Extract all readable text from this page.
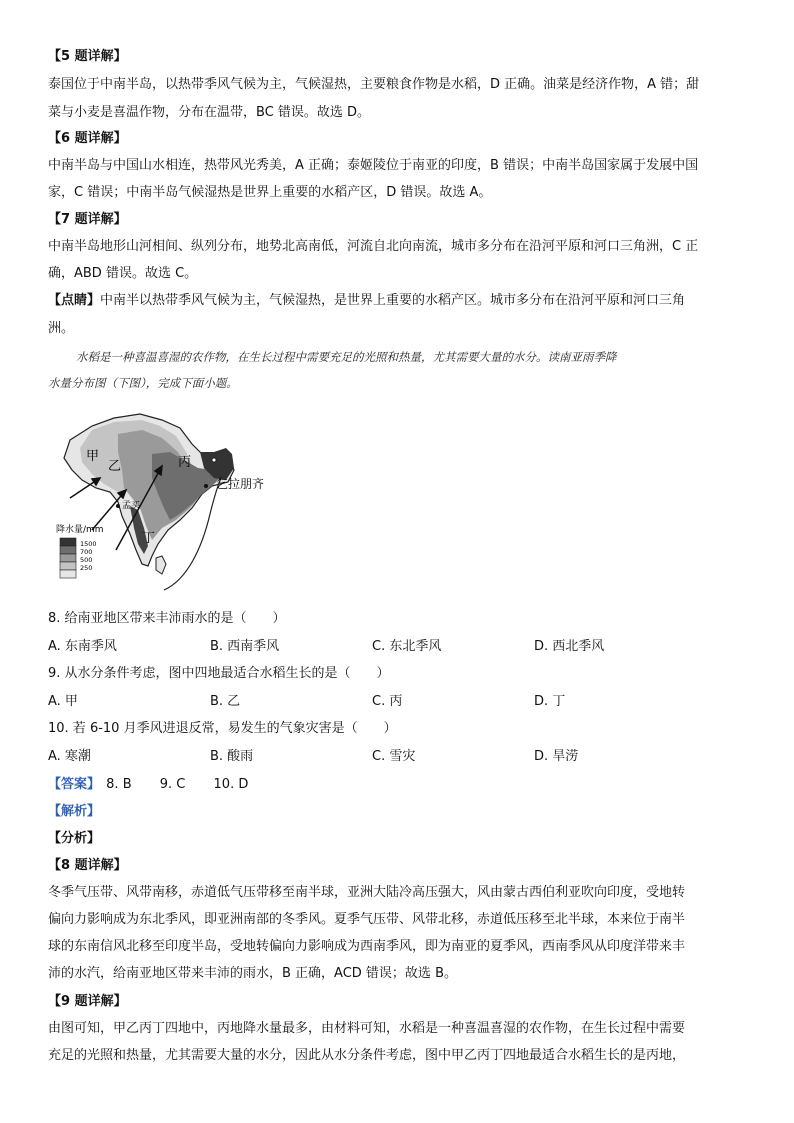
【5 题详解】
泰国位于中南半岛，以热带季风气候为主，气候湿热，主要粮食作物是水稻，D 正确。油菜是经济作物，A 错；甜
菜与小麦是喜温作物，分布在温带，BC 错误。故选 D。
【6 题详解】
中南半岛与中国山水相连，热带风光秀美，A 正确；泰姬陵位于南亚的印度，B 错误；中南半岛国家属于发展中国
家，C 错误；中南半岛气候湿热是世界上重要的水稻产区，D 错误。故选 A。
【7 题详解】
中南半岛地形山河相间、纵列分布，地势北高南低，河流自北向南流，城市多分布在沿河平原和河口三角洲，C 正
确，ABD 错误。故选 C。
【点睛】中南半以热带季风气候为主，气候湿热，是世界上重要的水稻产区。城市多分布在沿河平原和河口三角
洲。
水稻是一种喜温喜湿的农作物，在生长过程中需要充足的光照和热量，尤其需要大量的水分。读南亚雨季降
水量分布图（下图），完成下面小题。
甲
乙	丙
丁
孟买
乞拉朋齐
降水量/mm
1500
700
500
250
8. 给南亚地区带来丰沛雨水的是（　　）
A. 东南季风	B. 西南季风	C. 东北季风	D. 西北季风
9. 从水分条件考虑，图中四地最适合水稻生长的是（　　）
A. 甲	B. 乙	C. 丙	D. 丁
10. 若 6-10 月季风进退反常，易发生的气象灾害是（　　）
A. 寒潮	B. 酸雨	C. 雪灾	D. 旱涝
【答案】 8. B 9. C 10. D
【解析】
【分析】
【8 题详解】
冬季气压带、风带南移，赤道低气压带移至南半球，亚洲大陆冷高压强大，风由蒙古西伯利亚吹向印度，受地转
偏向力影响成为东北季风，即亚洲南部的冬季风。夏季气压带、风带北移，赤道低压移至北半球，本来位于南半
球的东南信风北移至印度半岛，受地转偏向力影响成为西南季风，即为南亚的夏季风，西南季风从印度洋带来丰
沛的水汽，给南亚地区带来丰沛的雨水，B 正确，ACD 错误；故选 B。
【9 题详解】
由图可知，甲乙丙丁四地中，丙地降水量最多，由材料可知，水稻是一种喜温喜湿的农作物，在生长过程中需要
充足的光照和热量，尤其需要大量的水分，因此从水分条件考虑，图中甲乙丙丁四地最适合水稻生长的是丙地，
